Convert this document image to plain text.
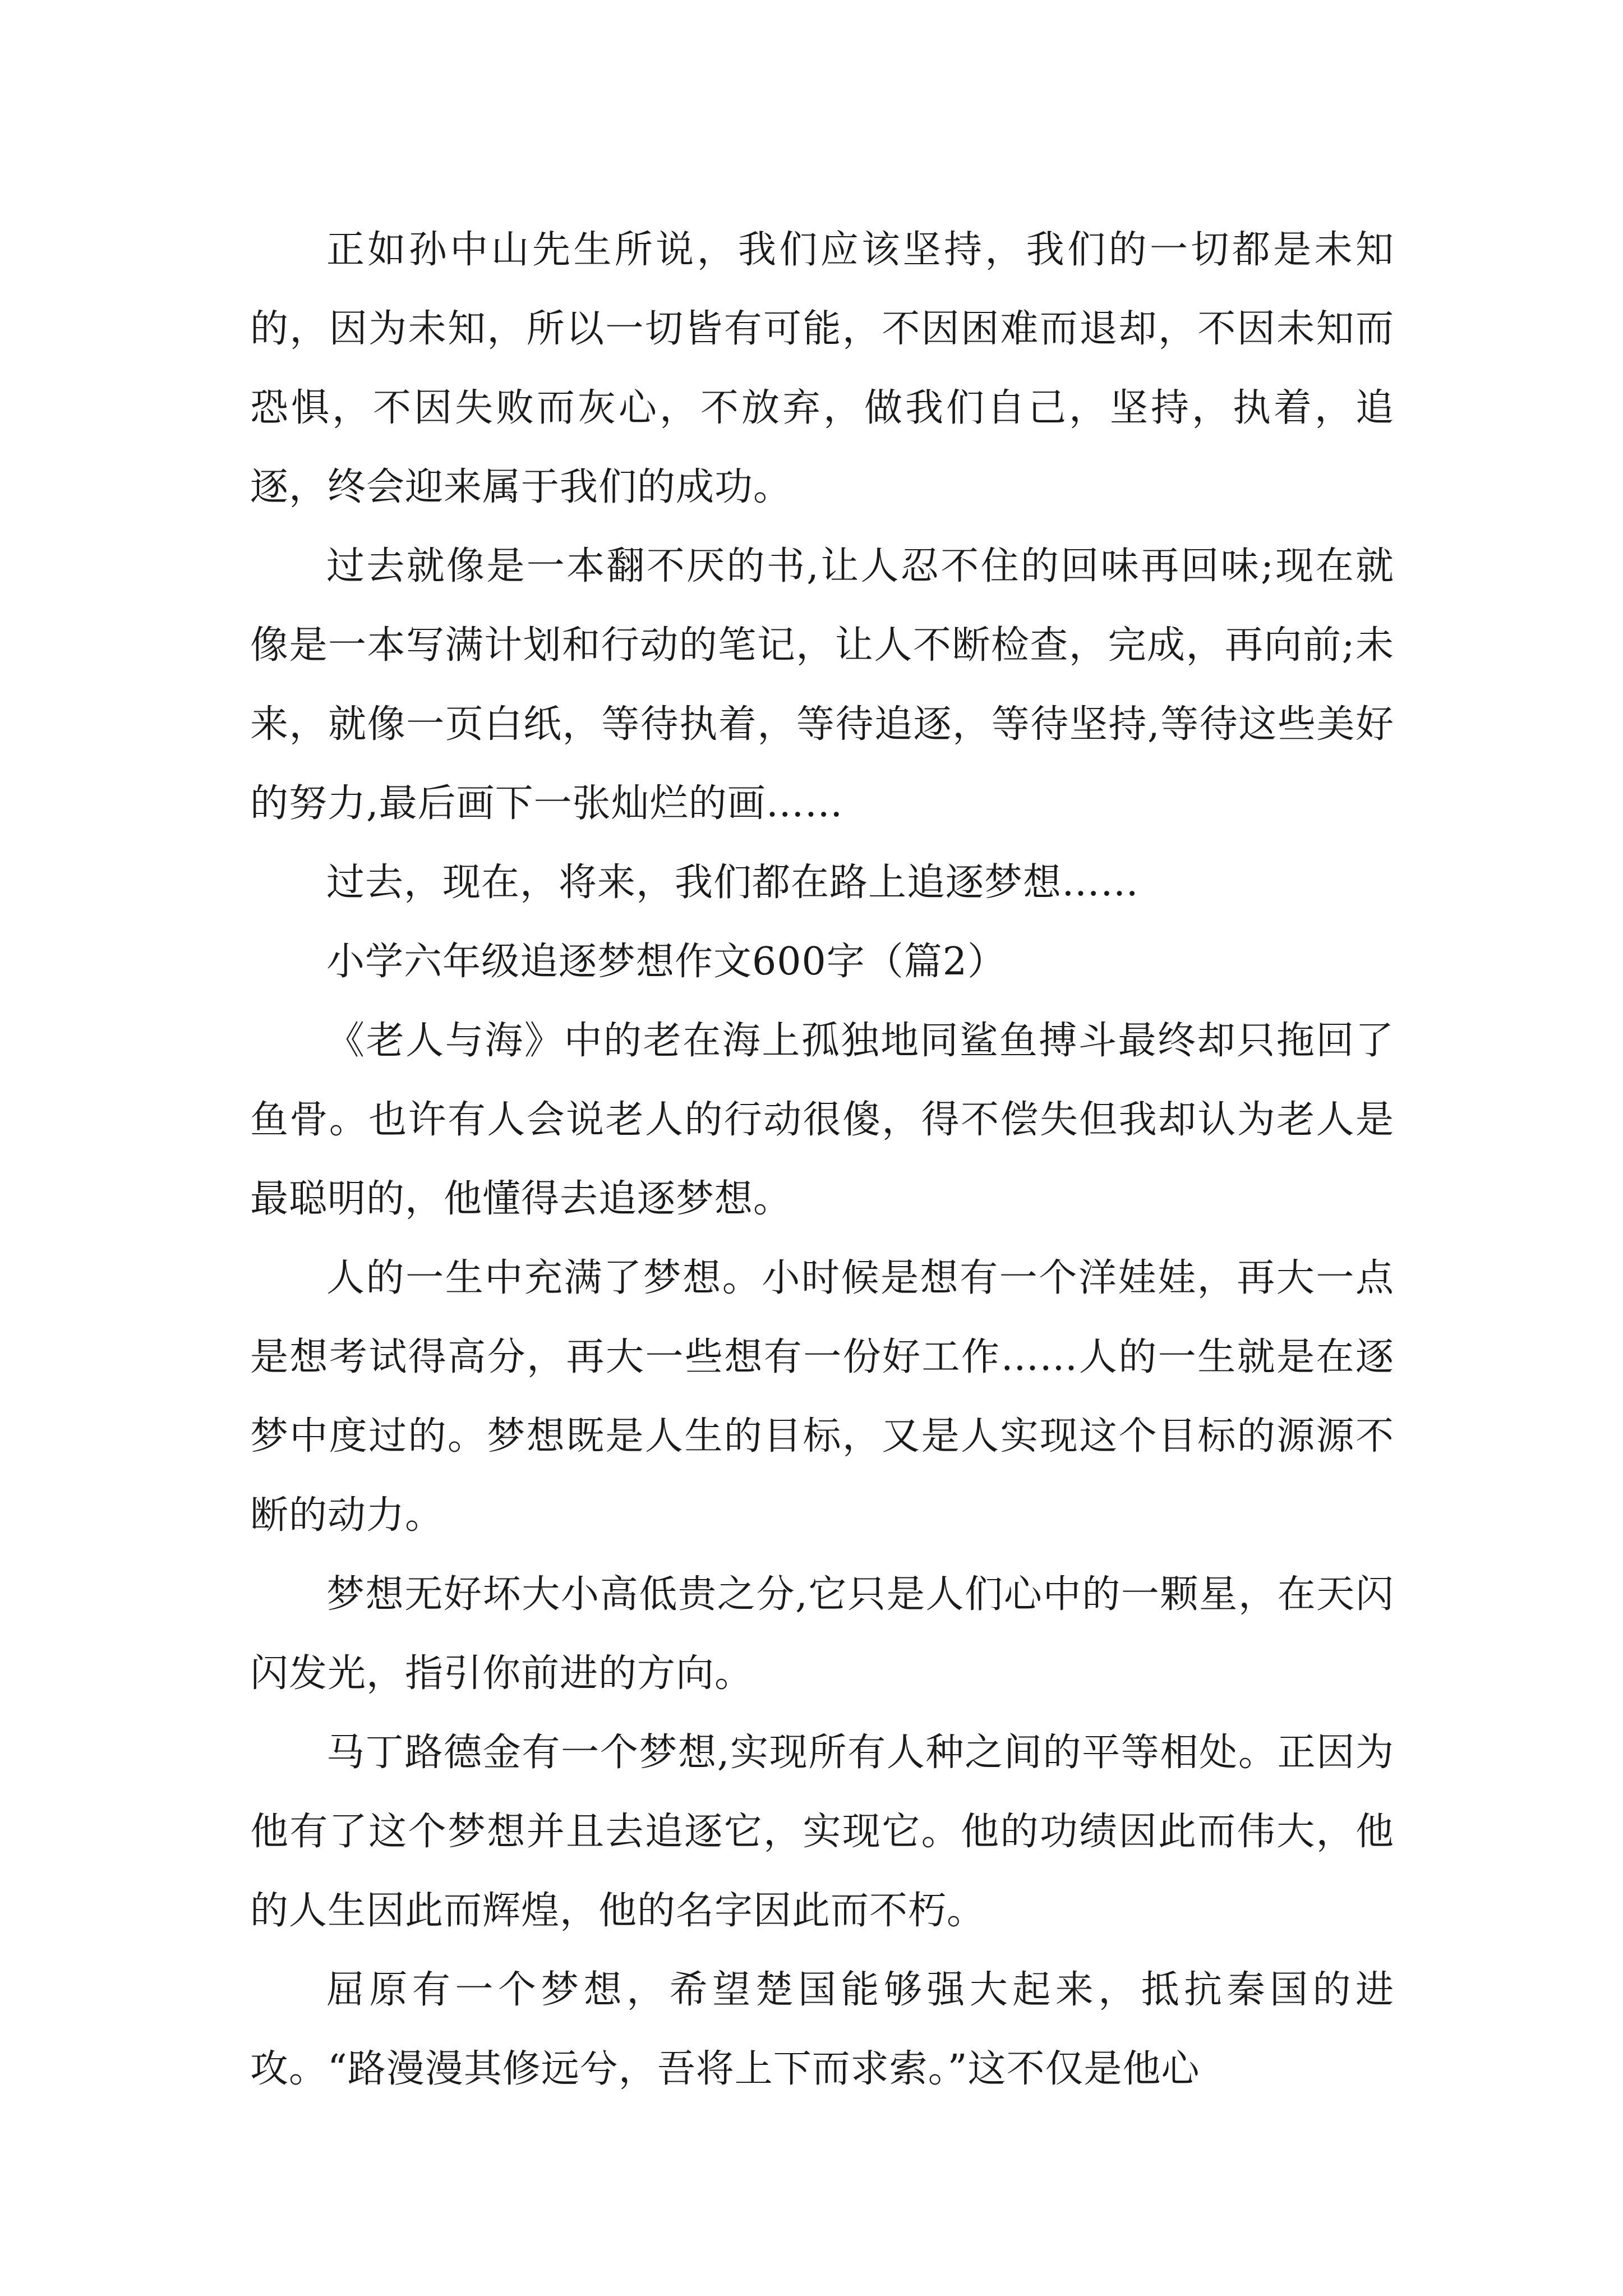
正如孙中山先生所说，我们应该坚持，我们的一切都是未知的，因为未知，所以一切皆有可能，不因困难而退却，不因未知而恐惧，不因失败而灰心，不放弃，做我们自己，坚持，执着，追逐，终会迎来属于我们的成功。

过去就像是一本翻不厌的书,让人忍不住的回味再回味;现在就像是一本写满计划和行动的笔记，让人不断检查，完成，再向前;未来，就像一页白纸，等待执着，等待追逐，等待坚持,等待这些美好的努力,最后画下一张灿烂的画……

过去，现在，将来，我们都在路上追逐梦想……

小学六年级追逐梦想作文600字（篇2）

《老人与海》中的老在海上孤独地同鲨鱼搏斗最终却只拖回了鱼骨。也许有人会说老人的行动很傻，得不偿失但我却认为老人是最聪明的，他懂得去追逐梦想。

人的一生中充满了梦想。小时候是想有一个洋娃娃，再大一点是想考试得高分，再大一些想有一份好工作……人的一生就是在逐梦中度过的。梦想既是人生的目标，又是人实现这个目标的源源不断的动力。

梦想无好坏大小高低贵之分,它只是人们心中的一颗星，在天闪闪发光，指引你前进的方向。

马丁路德金有一个梦想,实现所有人种之间的平等相处。正因为他有了这个梦想并且去追逐它，实现它。他的功绩因此而伟大，他的人生因此而辉煌，他的名字因此而不朽。

屈原有一个梦想，希望楚国能够强大起来，抵抗秦国的进攻。“路漫漫其修远兮，吾将上下而求索。”这不仅是他心
